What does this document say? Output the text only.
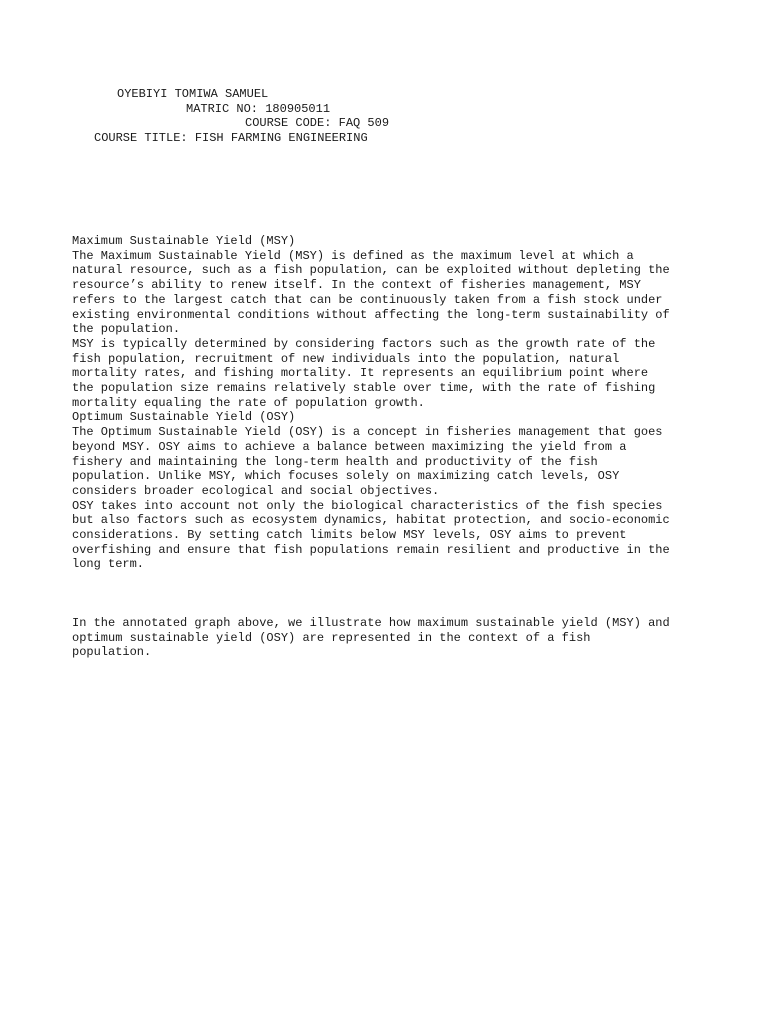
OYEBIYI TOMIWA SAMUEL
MATRIC NO: 180905011
COURSE CODE: FAQ 509
COURSE TITLE: FISH FARMING ENGINEERING
Maximum Sustainable Yield (MSY)
The Maximum Sustainable Yield (MSY) is defined as the maximum level at which a
natural resource, such as a fish population, can be exploited without depleting the
resource’s ability to renew itself. In the context of fisheries management, MSY
refers to the largest catch that can be continuously taken from a fish stock under
existing environmental conditions without affecting the long-term sustainability of
the population.
MSY is typically determined by considering factors such as the growth rate of the
fish population, recruitment of new individuals into the population, natural
mortality rates, and fishing mortality. It represents an equilibrium point where
the population size remains relatively stable over time, with the rate of fishing
mortality equaling the rate of population growth.
Optimum Sustainable Yield (OSY)
The Optimum Sustainable Yield (OSY) is a concept in fisheries management that goes
beyond MSY. OSY aims to achieve a balance between maximizing the yield from a
fishery and maintaining the long-term health and productivity of the fish
population. Unlike MSY, which focuses solely on maximizing catch levels, OSY
considers broader ecological and social objectives.
OSY takes into account not only the biological characteristics of the fish species
but also factors such as ecosystem dynamics, habitat protection, and socio-economic
considerations. By setting catch limits below MSY levels, OSY aims to prevent
overfishing and ensure that fish populations remain resilient and productive in the
long term.
In the annotated graph above, we illustrate how maximum sustainable yield (MSY) and
optimum sustainable yield (OSY) are represented in the context of a fish
population.
